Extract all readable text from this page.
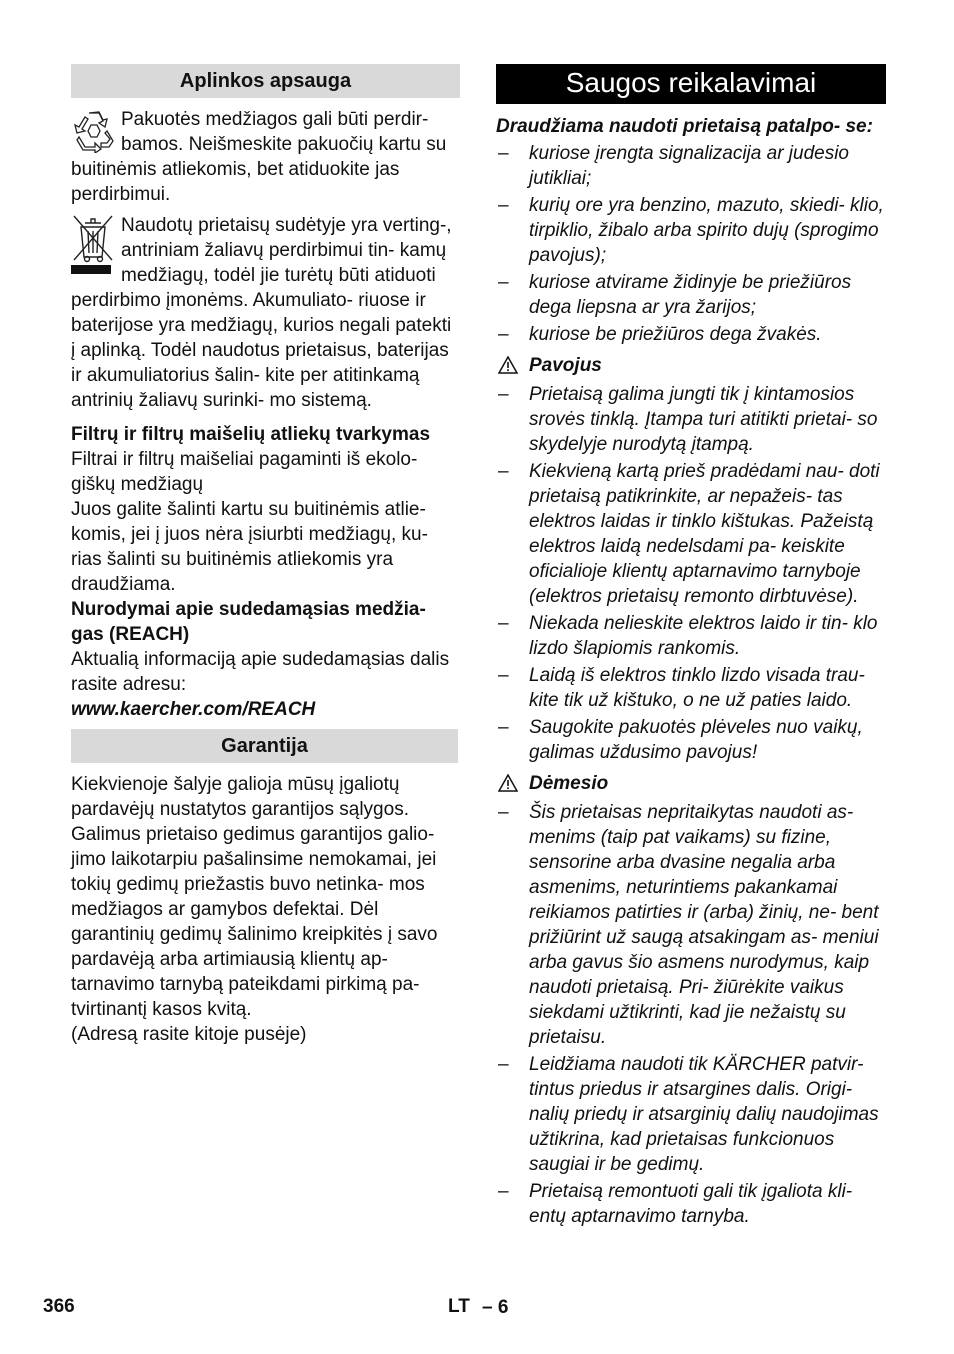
Aplinkos apsauga

Pakuotės medžiagos gali būti perdir- bamos. Neišmeskite pakuočių kartu su buitinėmis atliekomis, bet atiduokite jas perdirbimui.

Naudotų prietaisų sudėtyje yra verting-, antriniam žaliavų perdirbimui tin- kamų medžiagų, todėl jie turėtų būti atiduoti perdirbimo įmonėms. Akumuliato- riuose ir baterijose yra medžiagų, kurios negali patekti į aplinką. Todėl naudotus prietaisus, baterijas ir akumuliatorius šalin- kite per atitinkamą antrinių žaliavų surinki- mo sistemą.

Filtrų ir filtrų maišelių atliekų tvarkymas

Filtrai ir filtrų maišeliai pagaminti iš ekolo- giškų medžiagų

Juos galite šalinti kartu su buitinėmis atlie- komis, jei į juos nėra įsiurbti medžiagų, ku- rias šalinti su buitinėmis atliekomis yra draudžiama.

Nurodymai apie sudedamąsias medžia- gas (REACH)

Aktualią informaciją apie sudedamąsias dalis rasite adresu:

www.kaercher.com/REACH

Garantija

Kiekvienoje šalyje galioja mūsų įgaliotų pardavėjų nustatytos garantijos sąlygos. Galimus prietaiso gedimus garantijos galio- jimo laikotarpiu pašalinsime nemokamai, jei tokių gedimų priežastis buvo netinka- mos medžiagos ar gamybos defektai. Dėl garantinių gedimų šalinimo kreipkitės į savo pardavėją arba artimiausią klientų ap- tarnavimo tarnybą pateikdami pirkimą pa- tvirtinantį kasos kvitą.

(Adresą rasite kitoje pusėje)

Saugos reikalavimai

Draudžiama naudoti prietaisą patalpo- se:

– kuriose įrengta signalizacija ar judesio jutikliai;
– kurių ore yra benzino, mazuto, skiedi- klio, tirpiklio, žibalo arba spirito dujų (sprogimo pavojus);
– kuriose atvirame židinyje be priežiūros dega liepsna ar yra žarijos;
– kuriose be priežiūros dega žvakės.
Pavojus
– Prietaisą galima jungti tik į kintamosios srovės tinklą. Įtampa turi atitikti prietai- so skydelyje nurodytą įtampą.
– Kiekvieną kartą prieš pradėdami nau- doti prietaisą patikrinkite, ar nepažeis- tas elektros laidas ir tinklo kištukas. Pažeistą elektros laidą nedelsdami pa- keiskite oficialioje klientų aptarnavimo tarnyboje (elektros prietaisų remonto dirbtuvėse).
– Niekada nelieskite elektros laido ir tin- klo lizdo šlapiomis rankomis.
– Laidą iš elektros tinklo lizdo visada trau- kite tik už kištuko, o ne už paties laido.
– Saugokite pakuotės plėveles nuo vaikų, galimas uždusimo pavojus!
Dėmesio
– Šis prietaisas nepritaikytas naudoti as- menims (taip pat vaikams) su fizine, sensorine arba dvasine negalia arba asmenims, neturintiems pakankamai reikiamos patirties ir (arba) žinių, ne- bent prižiūrint už saugą atsakingam as- meniui arba gavus šio asmens nurodymus, kaip naudoti prietaisą. Pri- žiūrėkite vaikus siekdami užtikrinti, kad jie nežaistų su prietaisu.
– Leidžiama naudoti tik KÄRCHER patvir- tintus priedus ir atsargines dalis. Origi- nalių priedų ir atsarginių dalių naudojimas užtikrina, kad prietaisas funkcionuos saugiai ir be gedimų.
– Prietaisą remontuoti gali tik įgaliota kli- entų aptarnavimo tarnyba.
366	LT – 6
